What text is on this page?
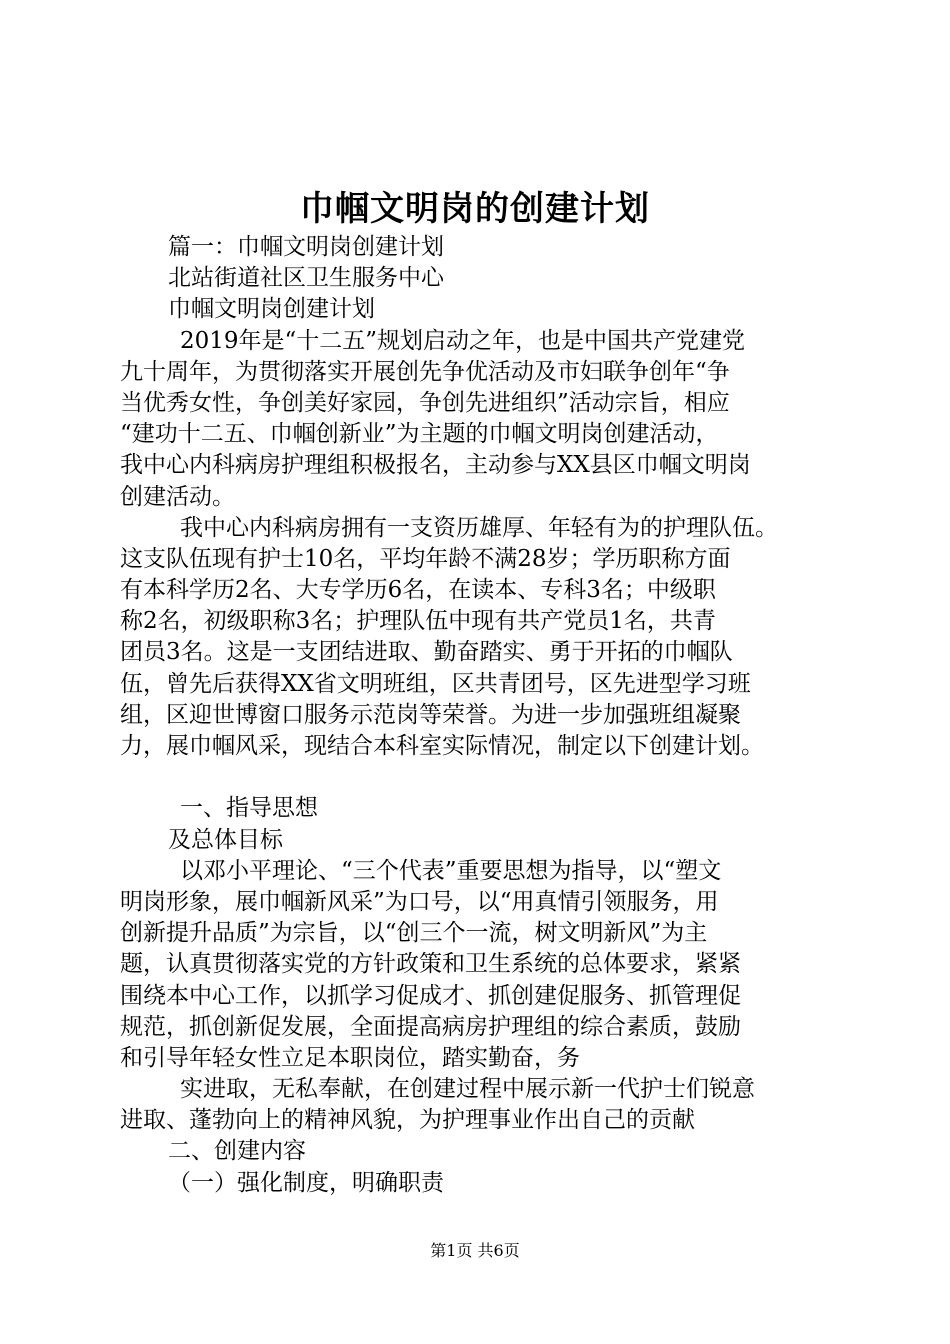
巾帼文明岗的创建计划
篇一：巾帼文明岗创建计划
北站街道社区卫生服务中心
巾帼文明岗创建计划
2019年是“十二五”规划启动之年，也是中国共产党建党
九十周年，为贯彻落实开展创先争优活动及市妇联争创年“争
当优秀女性，争创美好家园，争创先进组织”活动宗旨，相应
“建功十二五、巾帼创新业”为主题的巾帼文明岗创建活动，
我中心内科病房护理组积极报名，主动参与XX县区巾帼文明岗
创建活动。
我中心内科病房拥有一支资历雄厚、年轻有为的护理队伍。
这支队伍现有护士10名，平均年龄不满28岁；学历职称方面
有本科学历2名、大专学历6名，在读本、专科3名；中级职
称2名，初级职称3名；护理队伍中现有共产党员1名，共青
团员3名。这是一支团结进取、勤奋踏实、勇于开拓的巾帼队
伍，曾先后获得XX省文明班组，区共青团号，区先进型学习班
组，区迎世博窗口服务示范岗等荣誉。为进一步加强班组凝聚
力，展巾帼风采，现结合本科室实际情况，制定以下创建计划。
一、指导思想
及总体目标
以邓小平理论、“三个代表”重要思想为指导，以“塑文
明岗形象，展巾帼新风采”为口号，以“用真情引领服务，用
创新提升品质”为宗旨，以“创三个一流，树文明新风”为主
题，认真贯彻落实党的方针政策和卫生系统的总体要求，紧紧
围绕本中心工作，以抓学习促成才、抓创建促服务、抓管理促
规范，抓创新促发展，全面提高病房护理组的综合素质，鼓励
和引导年轻女性立足本职岗位，踏实勤奋，务
实进取，无私奉献，在创建过程中展示新一代护士们锐意
进取、蓬勃向上的精神风貌，为护理事业作出自己的贡献
二、创建内容
（一）强化制度，明确职责
第1页 共6页
